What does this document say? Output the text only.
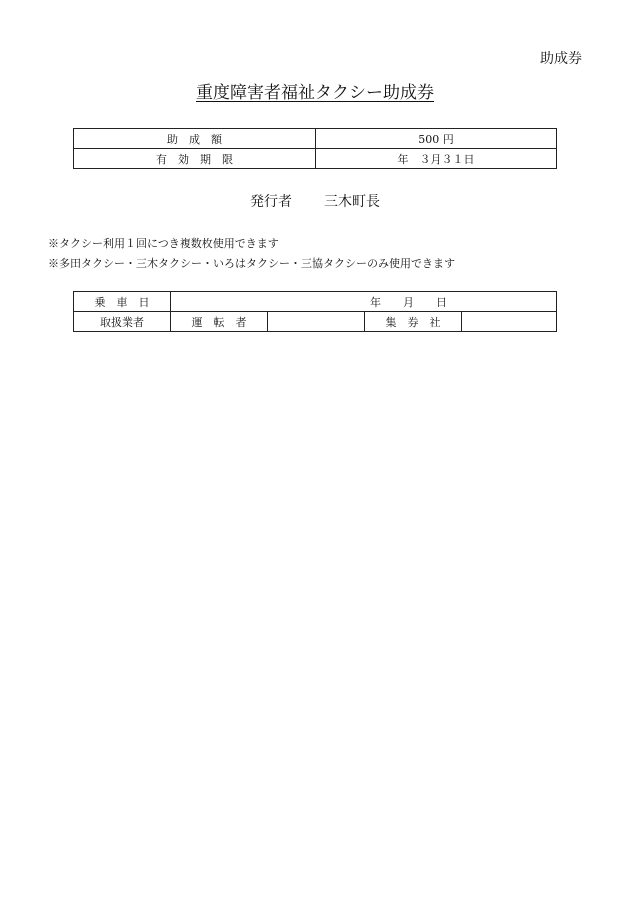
助成券
重度障害者福祉タクシー助成券
助　成　額	500 円
有　効　期　限	年　３月３１日
発行者 三木町長
※タクシー利用１回につき複数枚使用できます
※多田タクシー・三木タクシー・いろはタクシー・三協タクシーのみ使用できます
乗　車　日	年　　月　　日			
取扱業者	運　転　者		集　券　社	
